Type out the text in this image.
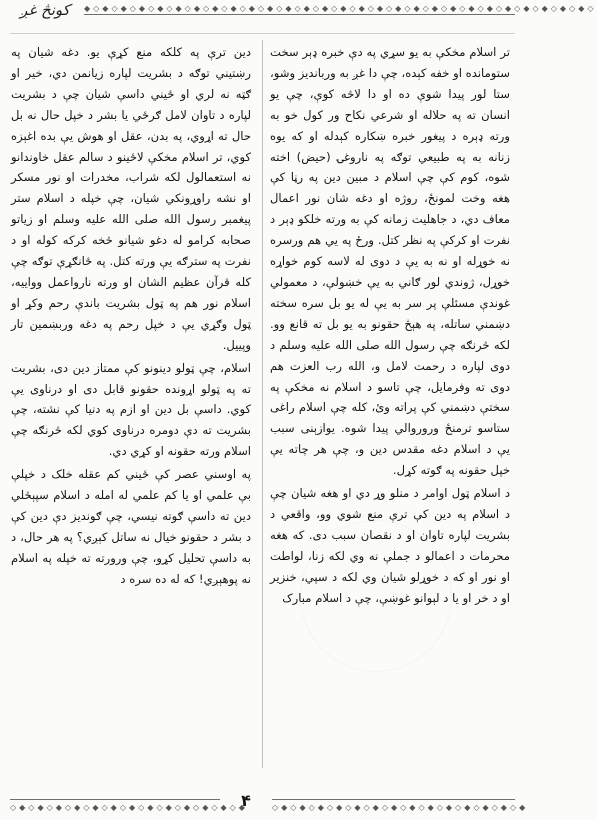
کونڅ غږ	◆◇◆◇◆◇◆◇◆◇◆◇◆◇◆◇◆◇◆◇◆◇◆◇◆◇◆◇◆◇◆◇◆◇◆◇◆◇◆◇◆◇◆◇◆◇◆◇◆◇◆◇◆◇◆◇

تر اسلام مخکې به يو سړي په دې خبره ډېر سخت ستومانده او خفه کېده، چې دا غږ به وربانديز وشو، ستا لور پيدا شوې ده او دا لاڅه کوې، چې يو انسان ته په حلاله او شرعي نکاح ور کول خو به ورته ډېره د پيغور خبره ښکاره کېدله او که يوه زنانه به په طبيعي توګه په ناروغۍ (حيض) اخته شوه، کوم کې چې اسلام د مبين دين په رڼا کې هغه وخت لمونځ، روژه او دغه شان نور اعمال معاف دي، د جاهليت زمانه کې به ورته خلکو ډېر د نفرت او کرکې په نظر کتل. ورځ په يي هم ورسره نه خوړله او نه به يې د دوى له لاسه کوم خواړه خوړل، ژوندي لور ګاني به يې خښولې، د معمولي غوندې مسئلې پر سر به يې له يو بل سره سخته دښمني ساتله، په هېڅ حقونو به يو بل ته قانع وو. لکه څرنګه چې رسول الله صلى الله عليه وسلم د دوى لپاره د رحمت لامل و، الله رب العزت هم دوى ته وفرمايل، چې تاسو د اسلام نه مخکې په سختې دښمني کې پراته وئ، کله چې اسلام راغى ستاسو ترمنځ وروروالي پيدا شوه. يوازېنى سبب يې د اسلام دغه مقدس دين و، چې هر چاته يې خپل حقونه په ګوته کړل.

د اسلام ټول اوامر د منلو وړ دي او هغه شيان چې د اسلام په دين کې ترې منع شوي وو، واقعي د بشريت لپاره تاوان او د نقصان سبب دى. که هغه محرمات د اعمالو د جملې نه وي لکه زنا، لواطت او نور او که د خوړلو شيان وي لکه د سپي، خنزير او د خر او يا د لېوانو غوښې، چې د اسلام مبارک

دين ترې په کلکه منع کړې يو. دغه شيان په رښتيني توګه د بشريت لپاره زيانمن دي، خير او ګټه نه لري او ځيني داسې شيان چې د بشريت لپاره د تاوان لامل ګرځي يا بشر د خپل حال نه بل حال ته اړوي، په بدن، عقل او هوش يې بده اغېزه کوي، تر اسلام مخکې لاځينو د سالم عقل خاوندانو نه استعمالول لکه شراب، مخدرات او نور مسکر او نشه راوړونکي شيان، چې خپله د اسلام ستر پيغمبر رسول الله صلى الله عليه وسلم او زياتو صحابه کرامو له دغو شيانو څخه کرکه کوله او د نفرت په سترګه يې ورته کتل. په ځانګړې توګه چې کله قرآن عظيم الشان او ورته نارواعمل وواييه، اسلام نور هم په ټول بشريت باندې رحم وکړ او ټول وګړي يې د خپل رحم په دغه وربښمين تار وپييل.

اسلام، چې ټولو دينونو کې ممتاز دين دى، بشريت ته په ټولو اړونده حقونو قابل دى او درناوى يې کوي. داسې بل دين او ازم په دنيا کې نشته، چې بشريت ته دې دومره درناوى کوي لکه څرنګه چې اسلام ورته حقونه او کړي دي.

په اوسني عصر کې ځيني کم عقله خلک د خپلې بې علمي او يا کم علمي له امله د اسلام سپېڅلي دين ته داسې ګوته نيسي، چې ګونديز دې دين کې د بشر د حقونو خيال نه ساتل کېږي؟ په هر حال، د به داسې تحليل کړو، چې ورورته ته خپله په اسلام نه پوهېږي! که له ده سره د

۴
◇◆◇◆◇◆◇◆◇◆◇◆◇◆◇◆◇◆◇◆◇◆◇◆◇◆	◇◆◇◆◇◆◇◆◇◆◇◆◇◆◇◆◇◆◇◆◇◆◇◆◇◆◇◆
